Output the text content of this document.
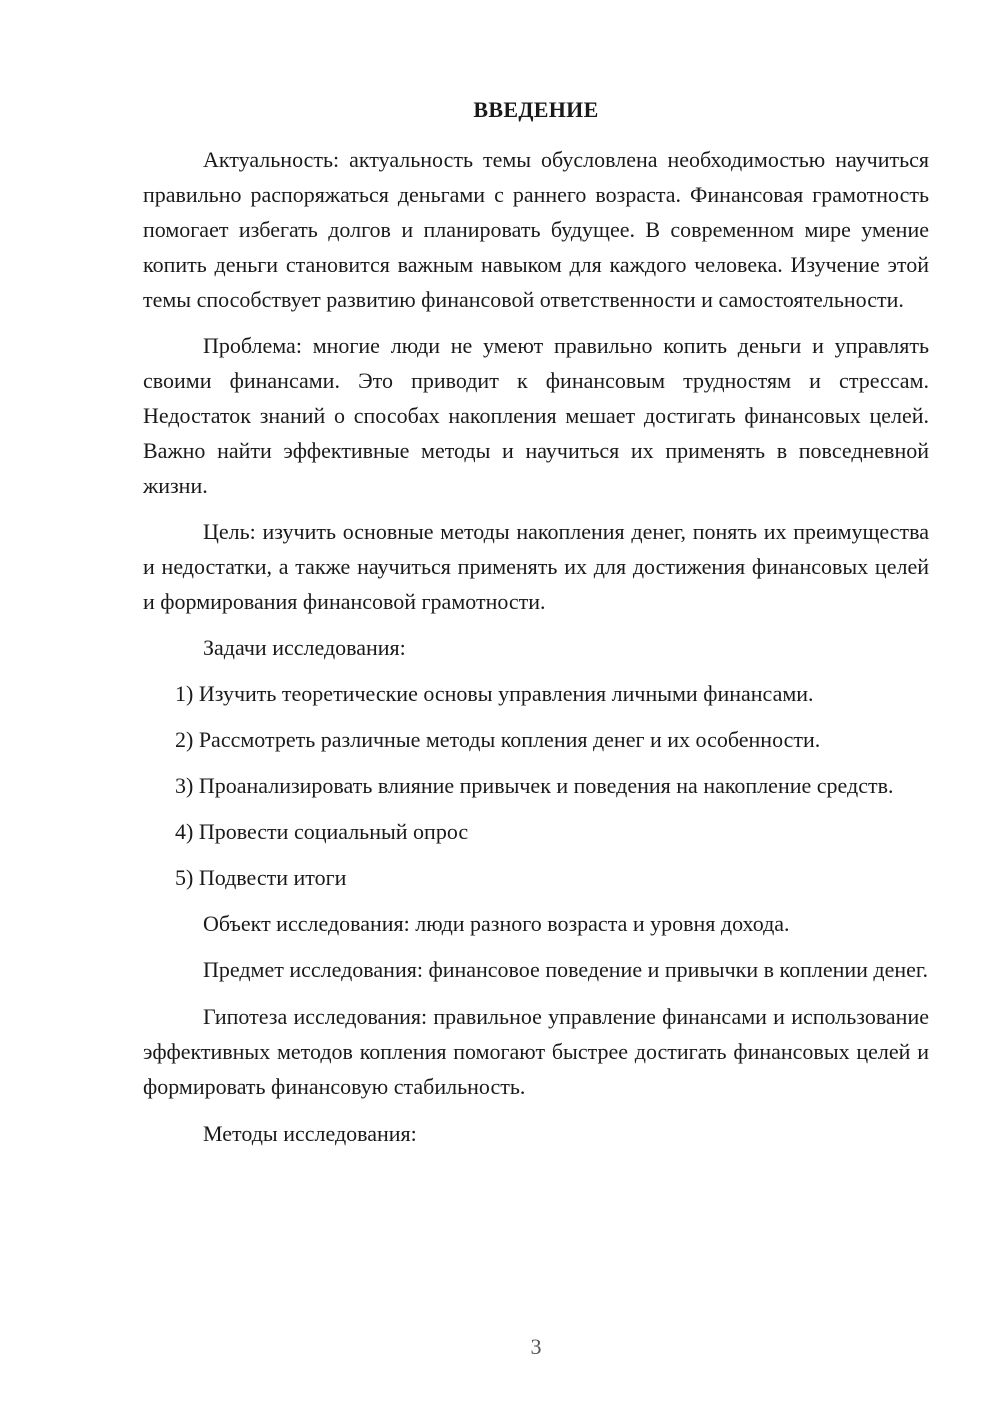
ВВЕДЕНИЕ

Актуальность: актуальность темы обусловлена необходимостью научиться правильно распоряжаться деньгами с раннего возраста. Финансовая грамотность помогает избегать долгов и планировать будущее. В современном мире умение копить деньги становится важным навыком для каждого человека. Изучение этой темы способствует развитию финансовой ответственности и самостоятельности.

Проблема: многие люди не умеют правильно копить деньги и управлять своими финансами. Это приводит к финансовым трудностям и стрессам. Недостаток знаний о способах накопления мешает достигать финансовых целей. Важно найти эффективные методы и научиться их применять в повседневной жизни.

Цель: изучить основные методы накопления денег, понять их преимущества и недостатки, а также научиться применять их для достижения финансовых целей и формирования финансовой грамотности.

Задачи исследования:

1) Изучить теоретические основы управления личными финансами.

2) Рассмотреть различные методы копления денег и их особенности.

3) Проанализировать влияние привычек и поведения на накопление средств.

4) Провести социальный опрос

5) Подвести итоги

Объект исследования: люди разного возраста и уровня дохода.

Предмет исследования: финансовое поведение и привычки в коплении денег.

Гипотеза исследования: правильное управление финансами и использование эффективных методов копления помогают быстрее достигать финансовых целей и формировать финансовую стабильность.

Методы исследования:

3
